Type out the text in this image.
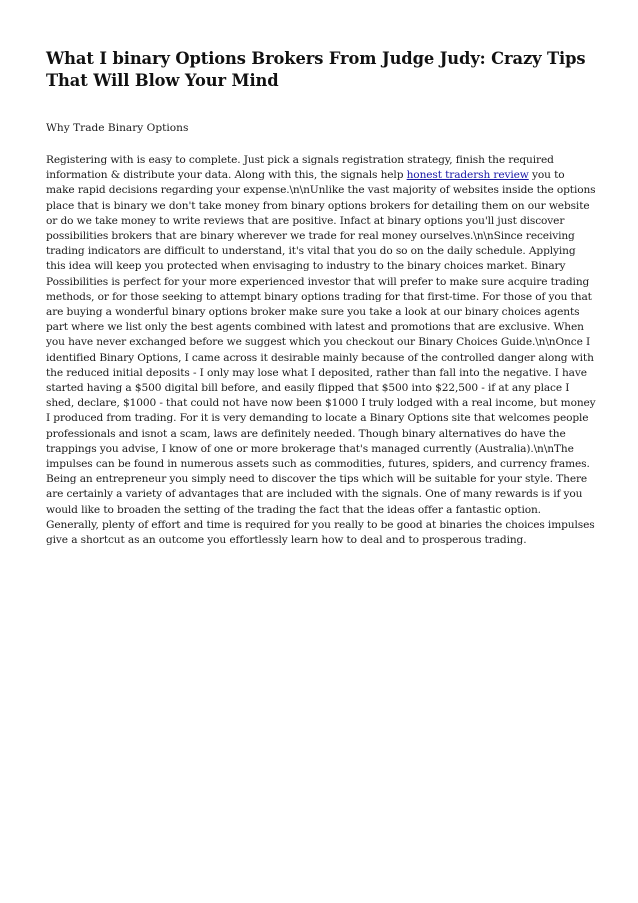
What I binary Options Brokers From Judge Judy: Crazy Tips That Will Blow Your Mind
Why Trade Binary Options

Registering with is easy to complete. Just pick a signals registration strategy, finish the required information & distribute your data. Along with this, the signals help honest tradersh review you to make rapid decisions regarding your expense.\n\nUnlike the vast majority of websites inside the options place that is binary we don't take money from binary options brokers for detailing them on our website or do we take money to write reviews that are positive. Infact at binary options you'll just discover possibilities brokers that are binary wherever we trade for real money ourselves.\n\nSince receiving trading indicators are difficult to understand, it's vital that you do so on the daily schedule. Applying this idea will keep you protected when envisaging to industry to the binary choices market. Binary Possibilities is perfect for your more experienced investor that will prefer to make sure acquire trading methods, or for those seeking to attempt binary options trading for that first-time. For those of you that are buying a wonderful binary options broker make sure you take a look at our binary choices agents part where we list only the best agents combined with latest and promotions that are exclusive. When you have never exchanged before we suggest which you checkout our Binary Choices Guide.\n\nOnce I identified Binary Options, I came across it desirable mainly because of the controlled danger along with the reduced initial deposits - I only may lose what I deposited, rather than fall into the negative. I have started having a $500 digital bill before, and easily flipped that $500 into $22,500 - if at any place I shed, declare, $1000 - that could not have now been $1000 I truly lodged with a real income, but money I produced from trading. For it is very demanding to locate a Binary Options site that welcomes people professionals and isnot a scam, laws are definitely needed. Though binary alternatives do have the trappings you advise, I know of one or more brokerage that's managed currently (Australia).\n\nThe impulses can be found in numerous assets such as commodities, futures, spiders, and currency frames. Being an entrepreneur you simply need to discover the tips which will be suitable for your style. There are certainly a variety of advantages that are included with the signals. One of many rewards is if you would like to broaden the setting of the trading the fact that the ideas offer a fantastic option. Generally, plenty of effort and time is required for you really to be good at binaries the choices impulses give a shortcut as an outcome you effortlessly learn how to deal and to prosperous trading.
